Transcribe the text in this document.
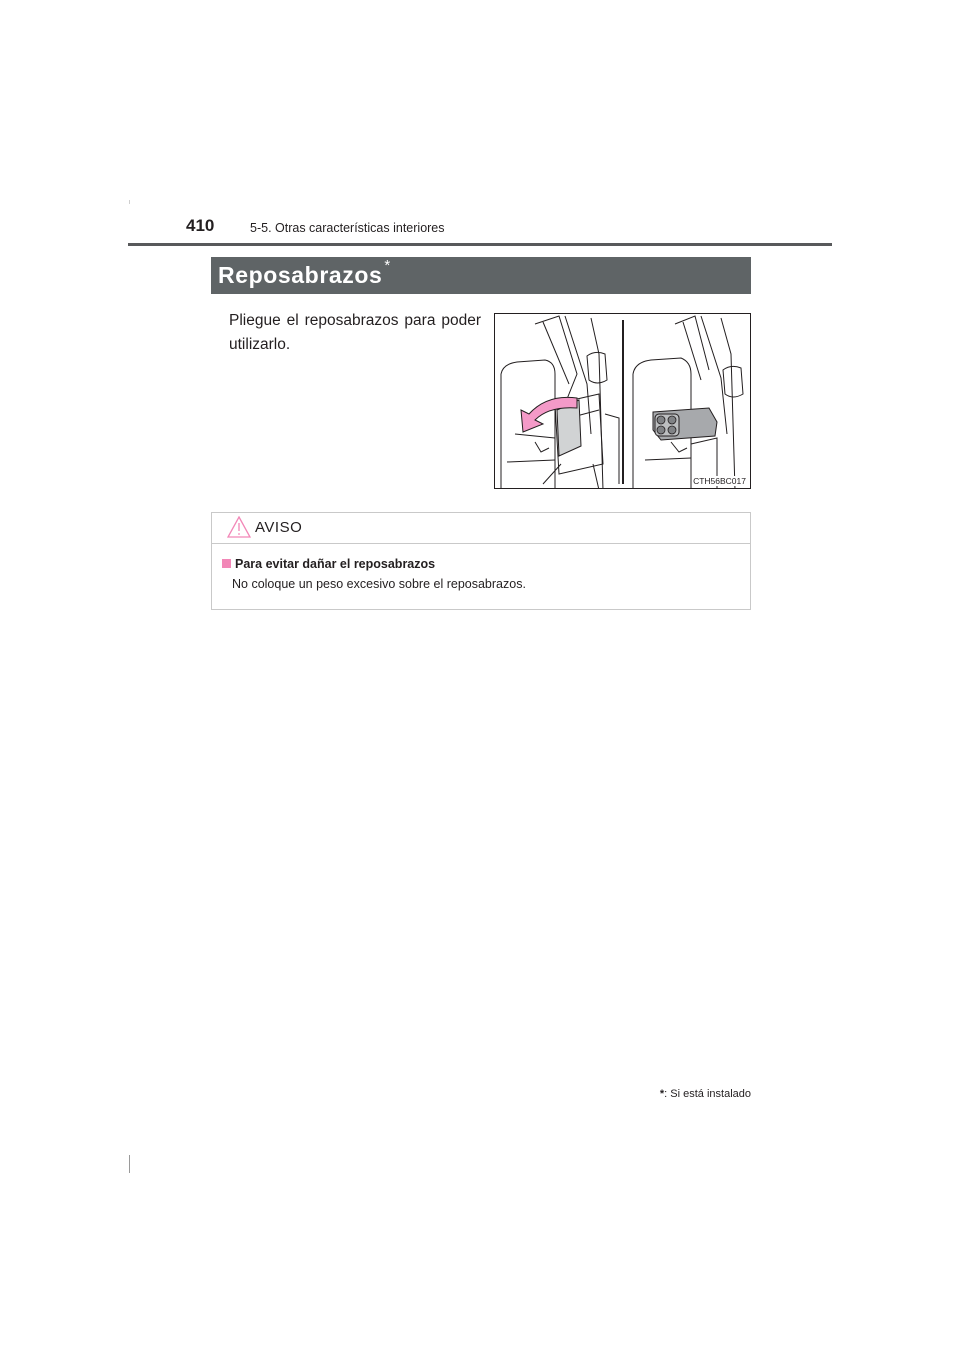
410	5-5. Otras características interiores
Reposabrazos *
Pliegue el reposabrazos para poder utilizarlo.
CTH56BC017
AVISO
Para evitar dañar el reposabrazos
No coloque un peso excesivo sobre el reposabrazos.
*: Si está instalado
